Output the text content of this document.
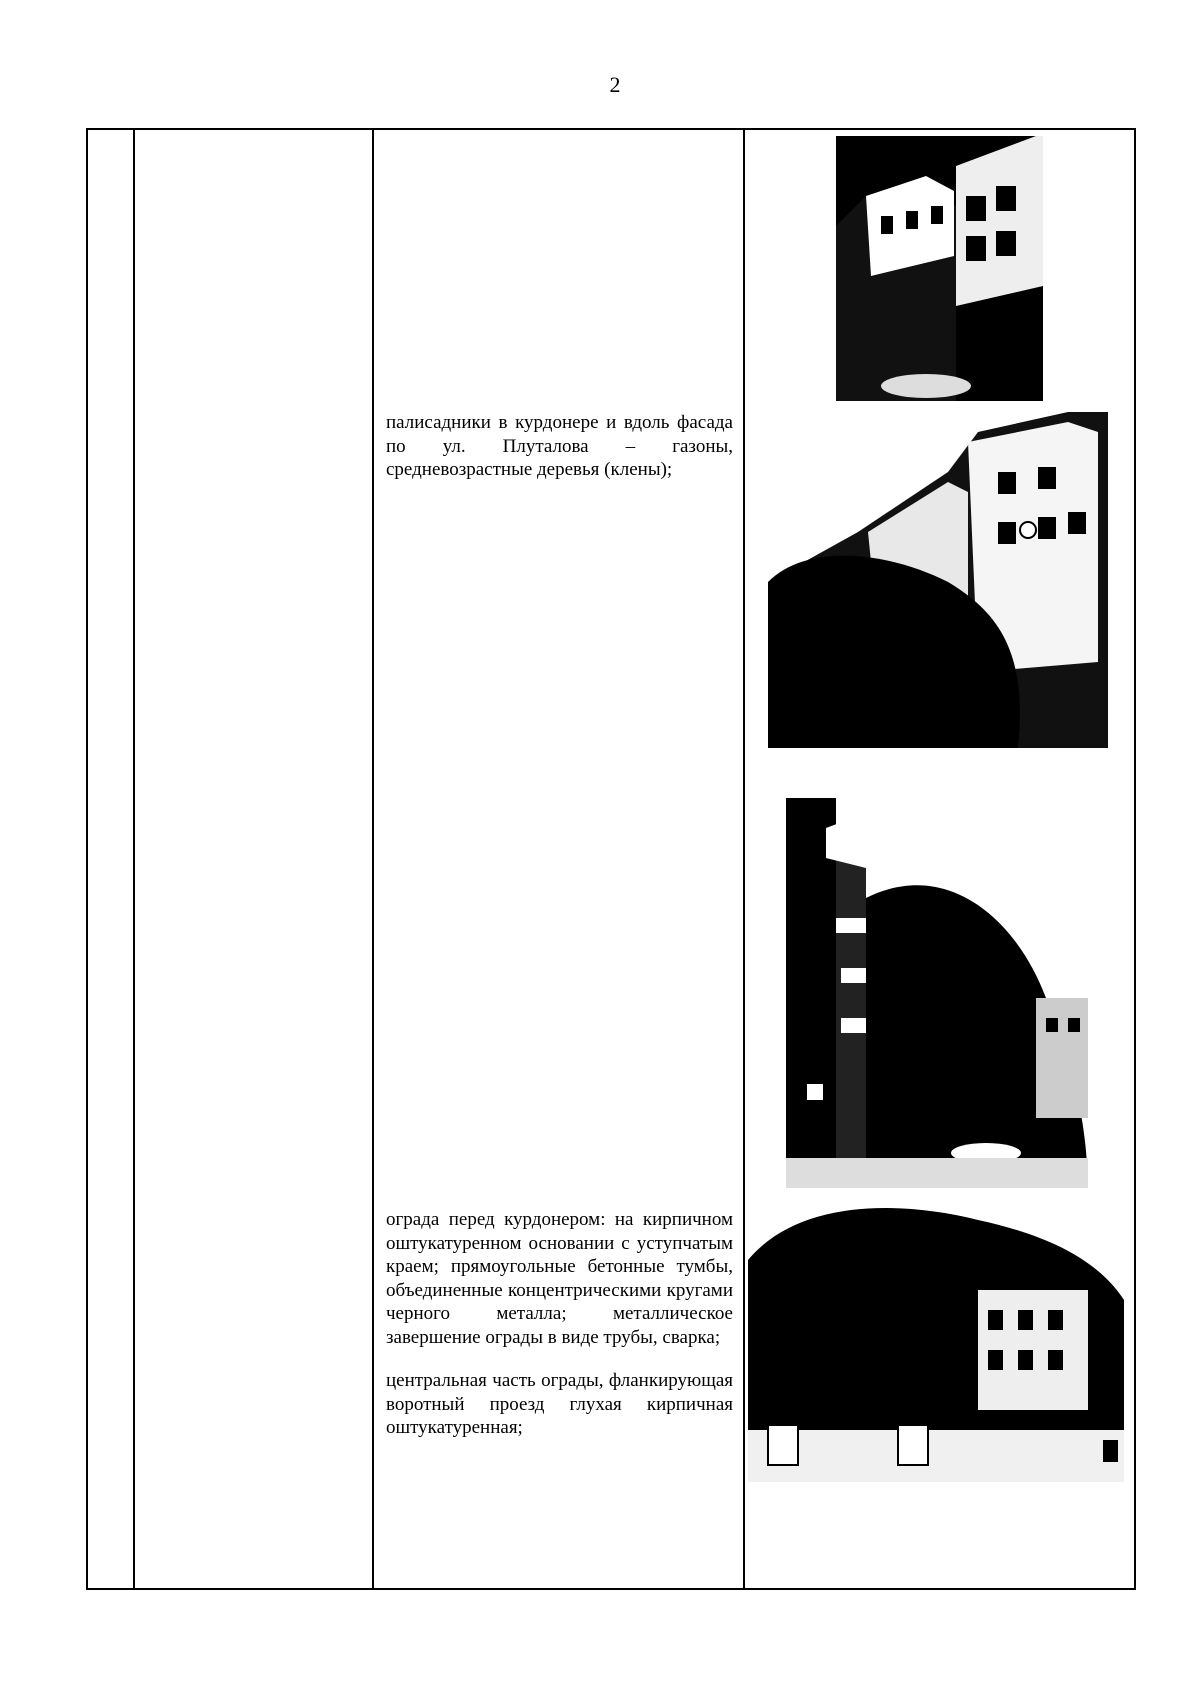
2
палисадники в курдонере и вдоль фасада по ул. Плуталова – газоны, средневозрастные деревья (клены);

ограда перед курдонером: на кирпичном оштукатуренном основании с уступчатым краем; прямоугольные бетонные тумбы, объединенные концентрическими кругами черного металла; металлическое завершение ограды в виде трубы, сварка;

центральная часть ограды, фланкирующая воротный проезд глухая кирпичная оштукатуренная;
